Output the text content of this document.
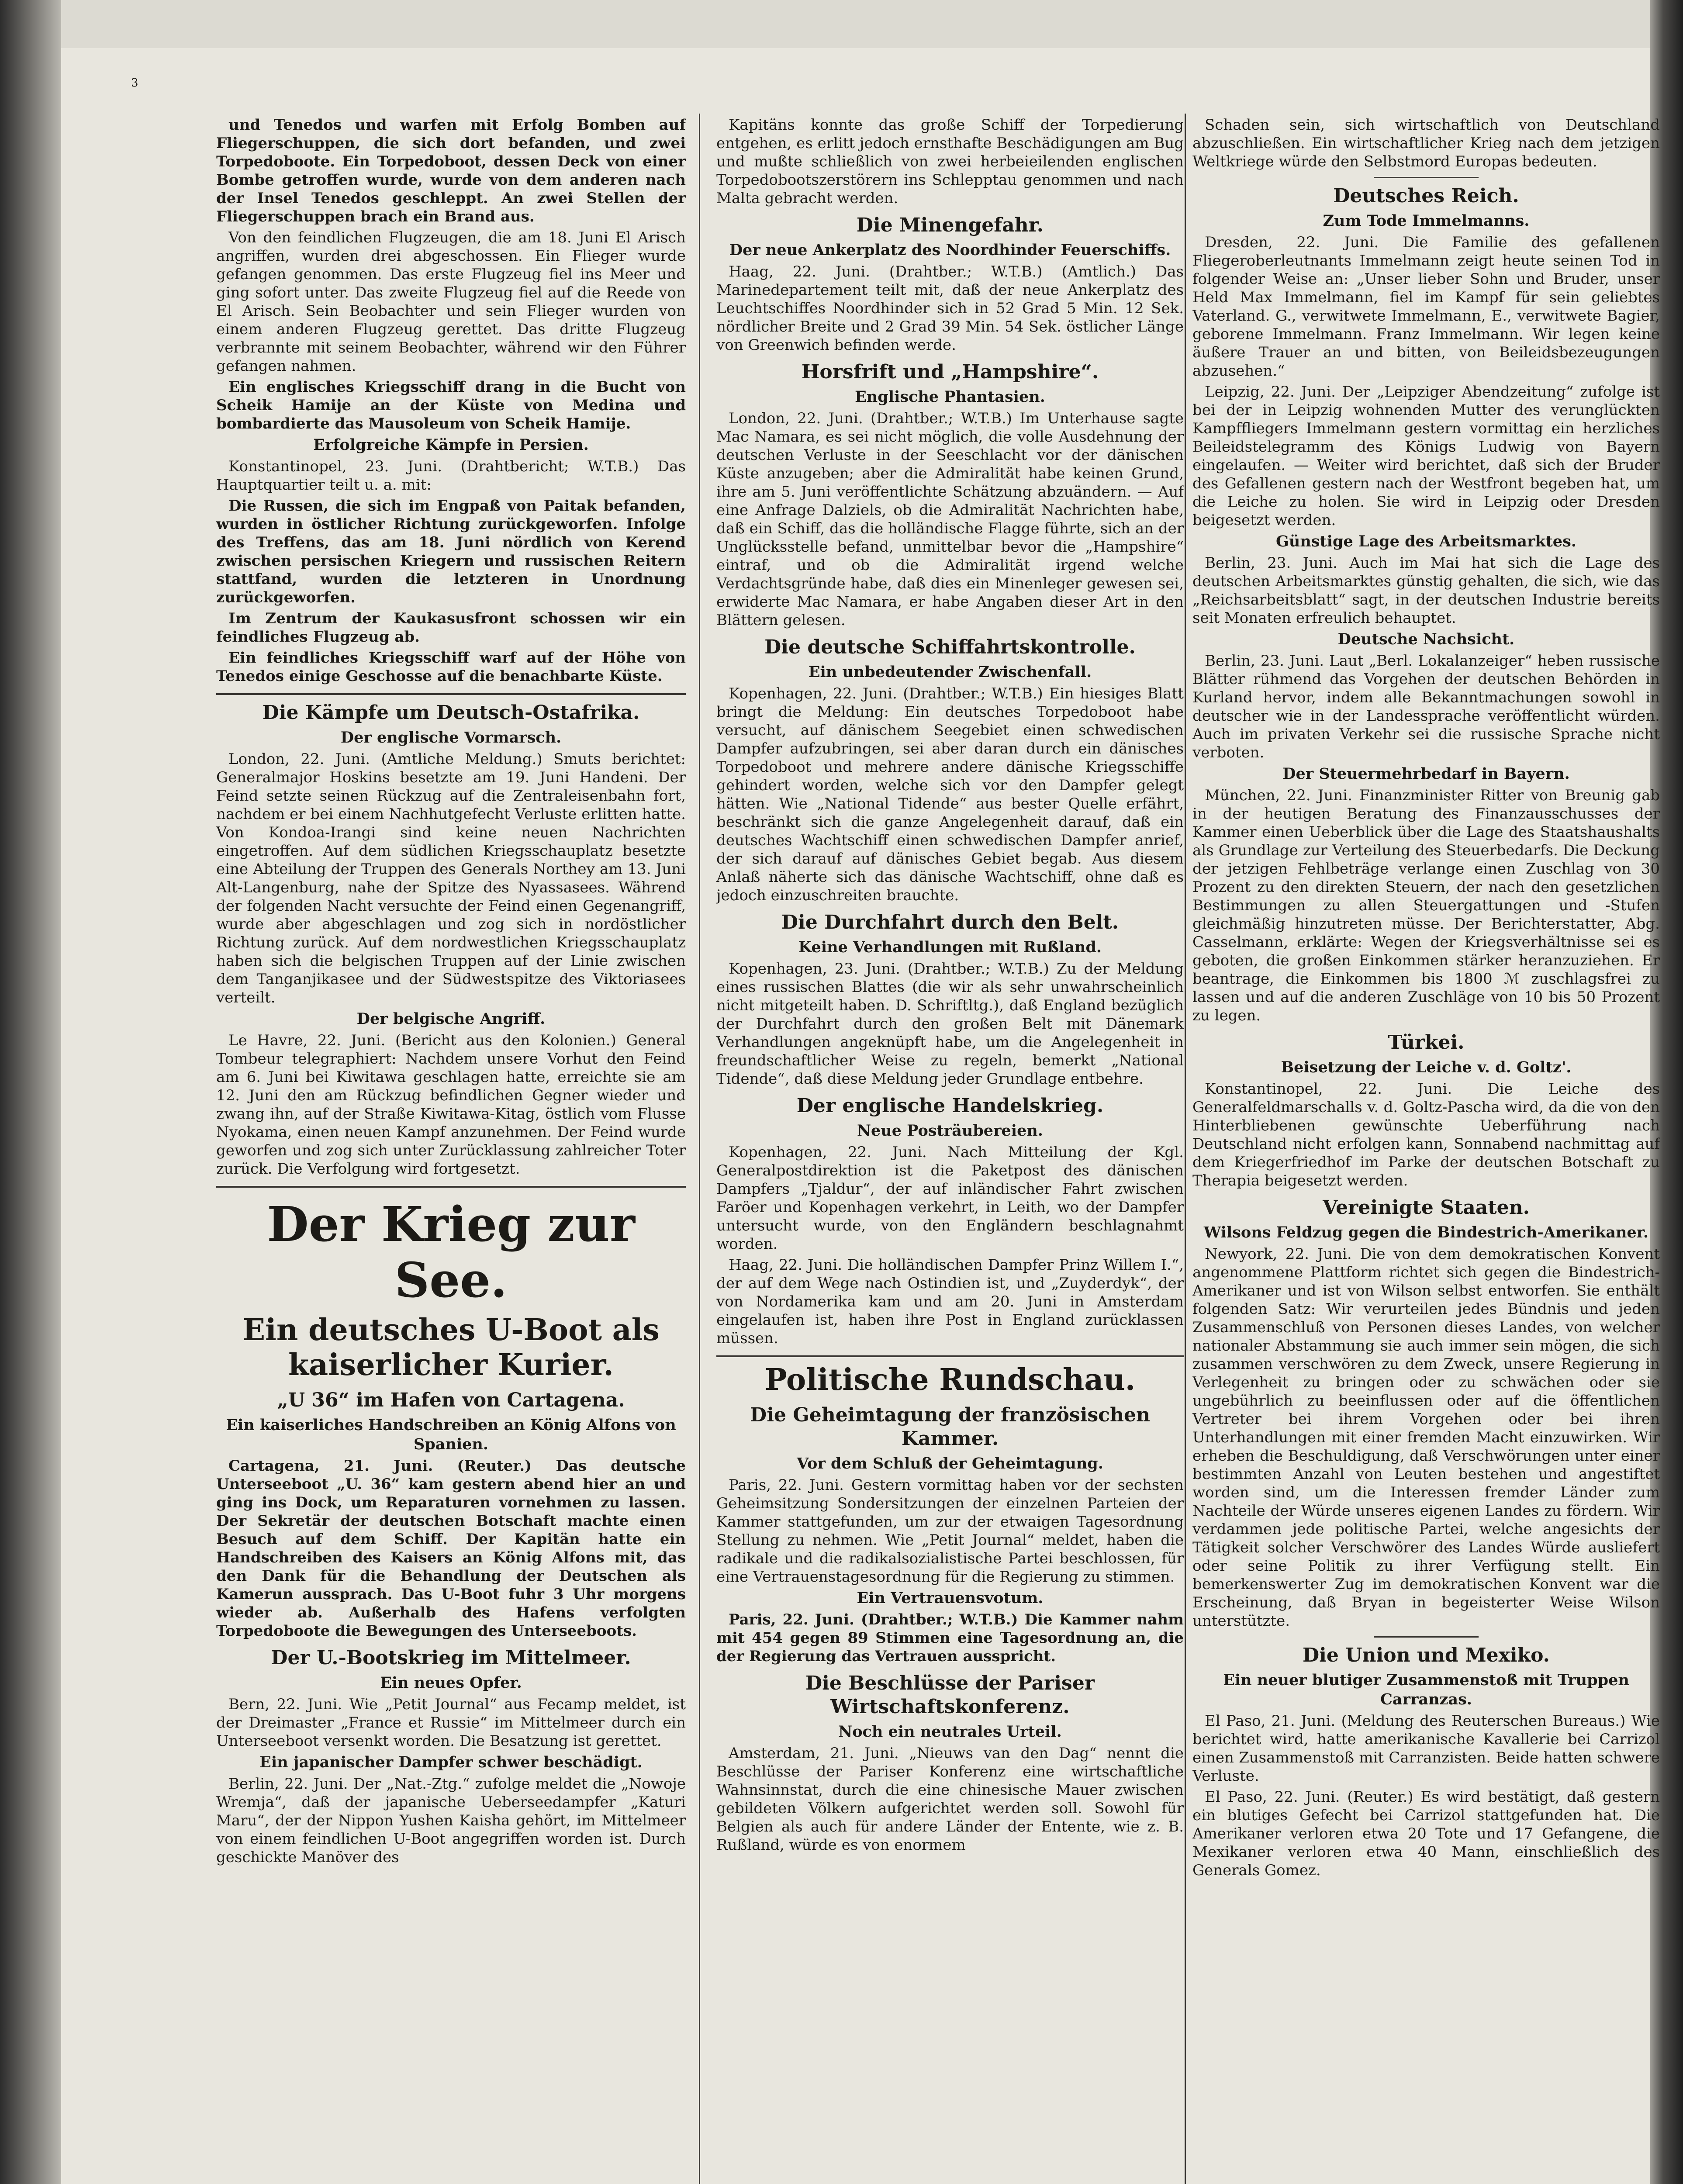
3

und Tenedos und warfen mit Erfolg Bomben auf Fliegerschuppen, die sich dort befanden, und zwei Torpedoboote. Ein Torpedoboot, dessen Deck von einer Bombe getroffen wurde, wurde von dem anderen nach der Insel Tenedos geschleppt. An zwei Stellen der Fliegerschuppen brach ein Brand aus.

Von den feindlichen Flugzeugen, die am 18. Juni El Arisch angriffen, wurden drei abgeschossen. Ein Flieger wurde gefangen genommen. Das erste Flugzeug fiel ins Meer und ging sofort unter. Das zweite Flugzeug fiel auf die Reede von El Arisch. Sein Beobachter und sein Flieger wurden von einem anderen Flugzeug gerettet. Das dritte Flugzeug verbrannte mit seinem Beobachter, während wir den Führer gefangen nahmen.

Ein englisches Kriegsschiff drang in die Bucht von Scheik Hamije an der Küste von Medina und bombardierte das Mausoleum von Scheik Hamije.

Erfolgreiche Kämpfe in Persien.

Konstantinopel, 23. Juni. (Drahtbericht; W.T.B.) Das Hauptquartier teilt u. a. mit:

Die Russen, die sich im Engpaß von Paitak befanden, wurden in östlicher Richtung zurückgeworfen. Infolge des Treffens, das am 18. Juni nördlich von Kerend zwischen persischen Kriegern und russischen Reitern stattfand, wurden die letzteren in Unordnung zurückgeworfen.

Im Zentrum der Kaukasusfront schossen wir ein feindliches Flugzeug ab.

Ein feindliches Kriegsschiff warf auf der Höhe von Tenedos einige Geschosse auf die benachbarte Küste.

Die Kämpfe um Deutsch-Ostafrika.
Der englische Vormarsch.

London, 22. Juni. (Amtliche Meldung.) Smuts berichtet: Generalmajor Hoskins besetzte am 19. Juni Handeni. Der Feind setzte seinen Rückzug auf die Zentraleisenbahn fort, nachdem er bei einem Nachhutgefecht Verluste erlitten hatte. Von Kondoa-Irangi sind keine neuen Nachrichten eingetroffen. Auf dem südlichen Kriegsschauplatz besetzte eine Abteilung der Truppen des Generals Northey am 13. Juni Alt-Langenburg, nahe der Spitze des Nyassasees. Während der folgenden Nacht versuchte der Feind einen Gegenangriff, wurde aber abgeschlagen und zog sich in nordöstlicher Richtung zurück. Auf dem nordwestlichen Kriegsschauplatz haben sich die belgischen Truppen auf der Linie zwischen dem Tanganjikasee und der Südwestspitze des Viktoriasees verteilt.

Der belgische Angriff.

Le Havre, 22. Juni. (Bericht aus den Kolonien.) General Tombeur telegraphiert: Nachdem unsere Vorhut den Feind am 6. Juni bei Kiwitawa geschlagen hatte, erreichte sie am 12. Juni den am Rückzug befindlichen Gegner wieder und zwang ihn, auf der Straße Kiwitawa-Kitag, östlich vom Flusse Nyokama, einen neuen Kampf anzunehmen. Der Feind wurde geworfen und zog sich unter Zurücklassung zahlreicher Toter zurück. Die Verfolgung wird fortgesetzt.

Der Krieg zur See.
Ein deutsches U-Boot als kaiserlicher Kurier.
„U 36“ im Hafen von Cartagena.
Ein kaiserliches Handschreiben an König Alfons von Spanien.

Cartagena, 21. Juni. (Reuter.) Das deutsche Unterseeboot „U. 36“ kam gestern abend hier an und ging ins Dock, um Reparaturen vornehmen zu lassen. Der Sekretär der deutschen Botschaft machte einen Besuch auf dem Schiff. Der Kapitän hatte ein Handschreiben des Kaisers an König Alfons mit, das den Dank für die Behandlung der Deutschen als Kamerun aussprach. Das U-Boot fuhr 3 Uhr morgens wieder ab. Außerhalb des Hafens verfolgten Torpedoboote die Bewegungen des Unterseeboots.

Der U.-Bootskrieg im Mittelmeer.
Ein neues Opfer.

Bern, 22. Juni. Wie „Petit Journal“ aus Fecamp meldet, ist der Dreimaster „France et Russie“ im Mittelmeer durch ein Unterseeboot versenkt worden. Die Besatzung ist gerettet.

Ein japanischer Dampfer schwer beschädigt.

Berlin, 22. Juni. Der „Nat.-Ztg.“ zufolge meldet die „Nowoje Wremja“, daß der japanische Ueberseedampfer „Katuri Maru“, der der Nippon Yushen Kaisha gehört, im Mittelmeer von einem feindlichen U-Boot angegriffen worden ist. Durch geschickte Manöver des

Kapitäns konnte das große Schiff der Torpedierung entgehen, es erlitt jedoch ernsthafte Beschädigungen am Bug und mußte schließlich von zwei herbeieilenden englischen Torpedobootszerstörern ins Schlepptau genommen und nach Malta gebracht werden.

Die Minengefahr.
Der neue Ankerplatz des Noordhinder Feuerschiffs.

Haag, 22. Juni. (Drahtber.; W.T.B.) (Amtlich.) Das Marinedepartement teilt mit, daß der neue Ankerplatz des Leuchtschiffes Noordhinder sich in 52 Grad 5 Min. 12 Sek. nördlicher Breite und 2 Grad 39 Min. 54 Sek. östlicher Länge von Greenwich befinden werde.

Horsfrift und „Hampshire“.
Englische Phantasien.

London, 22. Juni. (Drahtber.; W.T.B.) Im Unterhause sagte Mac Namara, es sei nicht möglich, die volle Ausdehnung der deutschen Verluste in der Seeschlacht vor der dänischen Küste anzugeben; aber die Admiralität habe keinen Grund, ihre am 5. Juni veröffentlichte Schätzung abzuändern. — Auf eine Anfrage Dalziels, ob die Admiralität Nachrichten habe, daß ein Schiff, das die holländische Flagge führte, sich an der Unglücksstelle befand, unmittelbar bevor die „Hampshire“ eintraf, und ob die Admiralität irgend welche Verdachtsgründe habe, daß dies ein Minenleger gewesen sei, erwiderte Mac Namara, er habe Angaben dieser Art in den Blättern gelesen.

Die deutsche Schiffahrtskontrolle.
Ein unbedeutender Zwischenfall.

Kopenhagen, 22. Juni. (Drahtber.; W.T.B.) Ein hiesiges Blatt bringt die Meldung: Ein deutsches Torpedoboot habe versucht, auf dänischem Seegebiet einen schwedischen Dampfer aufzubringen, sei aber daran durch ein dänisches Torpedoboot und mehrere andere dänische Kriegsschiffe gehindert worden, welche sich vor den Dampfer gelegt hätten. Wie „National Tidende“ aus bester Quelle erfährt, beschränkt sich die ganze Angelegenheit darauf, daß ein deutsches Wachtschiff einen schwedischen Dampfer anrief, der sich darauf auf dänisches Gebiet begab. Aus diesem Anlaß näherte sich das dänische Wachtschiff, ohne daß es jedoch einzuschreiten brauchte.

Die Durchfahrt durch den Belt.
Keine Verhandlungen mit Rußland.

Kopenhagen, 23. Juni. (Drahtber.; W.T.B.) Zu der Meldung eines russischen Blattes (die wir als sehr unwahrscheinlich nicht mitgeteilt haben. D. Schriftltg.), daß England bezüglich der Durchfahrt durch den großen Belt mit Dänemark Verhandlungen angeknüpft habe, um die Angelegenheit in freundschaftlicher Weise zu regeln, bemerkt „National Tidende“, daß diese Meldung jeder Grundlage entbehre.

Der englische Handelskrieg.
Neue Posträubereien.

Kopenhagen, 22. Juni. Nach Mitteilung der Kgl. Generalpostdirektion ist die Paketpost des dänischen Dampfers „Tjaldur“, der auf inländischer Fahrt zwischen Faröer und Kopenhagen verkehrt, in Leith, wo der Dampfer untersucht wurde, von den Engländern beschlagnahmt worden.

Haag, 22. Juni. Die holländischen Dampfer Prinz Willem I.“, der auf dem Wege nach Ostindien ist, und „Zuyderdyk“, der von Nordamerika kam und am 20. Juni in Amsterdam eingelaufen ist, haben ihre Post in England zurücklassen müssen.

Politische Rundschau.
Die Geheimtagung der französischen Kammer.
Vor dem Schluß der Geheimtagung.

Paris, 22. Juni. Gestern vormittag haben vor der sechsten Geheimsitzung Sondersitzungen der einzelnen Parteien der Kammer stattgefunden, um zur der etwaigen Tagesordnung Stellung zu nehmen. Wie „Petit Journal“ meldet, haben die radikale und die radikalsozialistische Partei beschlossen, für eine Vertrauenstagesordnung für die Regierung zu stimmen.

Ein Vertrauensvotum.

Paris, 22. Juni. (Drahtber.; W.T.B.) Die Kammer nahm mit 454 gegen 89 Stimmen eine Tagesordnung an, die der Regierung das Vertrauen ausspricht.

Die Beschlüsse der Pariser Wirtschaftskonferenz.
Noch ein neutrales Urteil.

Amsterdam, 21. Juni. „Nieuws van den Dag“ nennt die Beschlüsse der Pariser Konferenz eine wirtschaftliche Wahnsinnstat, durch die eine chinesische Mauer zwischen gebildeten Völkern aufgerichtet werden soll. Sowohl für Belgien als auch für andere Länder der Entente, wie z. B. Rußland, würde es von enormem

Schaden sein, sich wirtschaftlich von Deutschland abzuschließen. Ein wirtschaftlicher Krieg nach dem jetzigen Weltkriege würde den Selbstmord Europas bedeuten.

Deutsches Reich.
Zum Tode Immelmanns.

Dresden, 22. Juni. Die Familie des gefallenen Fliegeroberleutnants Immelmann zeigt heute seinen Tod in folgender Weise an: „Unser lieber Sohn und Bruder, unser Held Max Immelmann, fiel im Kampf für sein geliebtes Vaterland. G., verwitwete Immelmann, E., verwitwete Bagier, geborene Immelmann. Franz Immelmann. Wir legen keine äußere Trauer an und bitten, von Beileidsbezeugungen abzusehen.“

Leipzig, 22. Juni. Der „Leipziger Abendzeitung“ zufolge ist bei der in Leipzig wohnenden Mutter des verunglückten Kampffliegers Immelmann gestern vormittag ein herzliches Beileidstelegramm des Königs Ludwig von Bayern eingelaufen. — Weiter wird berichtet, daß sich der Bruder des Gefallenen gestern nach der Westfront begeben hat, um die Leiche zu holen. Sie wird in Leipzig oder Dresden beigesetzt werden.

Günstige Lage des Arbeitsmarktes.

Berlin, 23. Juni. Auch im Mai hat sich die Lage des deutschen Arbeitsmarktes günstig gehalten, die sich, wie das „Reichsarbeitsblatt“ sagt, in der deutschen Industrie bereits seit Monaten erfreulich behauptet.

Deutsche Nachsicht.

Berlin, 23. Juni. Laut „Berl. Lokalanzeiger“ heben russische Blätter rühmend das Vorgehen der deutschen Behörden in Kurland hervor, indem alle Bekanntmachungen sowohl in deutscher wie in der Landessprache veröffentlicht würden. Auch im privaten Verkehr sei die russische Sprache nicht verboten.

Der Steuermehrbedarf in Bayern.

München, 22. Juni. Finanzminister Ritter von Breunig gab in der heutigen Beratung des Finanzausschusses der Kammer einen Ueberblick über die Lage des Staatshaushalts als Grundlage zur Verteilung des Steuerbedarfs. Die Deckung der jetzigen Fehlbeträge verlange einen Zuschlag von 30 Prozent zu den direkten Steuern, der nach den gesetzlichen Bestimmungen zu allen Steuergattungen und -Stufen gleichmäßig hinzutreten müsse. Der Berichterstatter, Abg. Casselmann, erklärte: Wegen der Kriegsverhältnisse sei es geboten, die großen Einkommen stärker heranzuziehen. Er beantrage, die Einkommen bis 1800 ℳ zuschlagsfrei zu lassen und auf die anderen Zuschläge von 10 bis 50 Prozent zu legen.

Türkei.
Beisetzung der Leiche v. d. Goltz'.

Konstantinopel, 22. Juni. Die Leiche des Generalfeldmarschalls v. d. Goltz-Pascha wird, da die von den Hinterbliebenen gewünschte Ueberführung nach Deutschland nicht erfolgen kann, Sonnabend nachmittag auf dem Kriegerfriedhof im Parke der deutschen Botschaft zu Therapia beigesetzt werden.

Vereinigte Staaten.
Wilsons Feldzug gegen die Bindestrich-Amerikaner.

Newyork, 22. Juni. Die von dem demokratischen Konvent angenommene Plattform richtet sich gegen die Bindestrich-Amerikaner und ist von Wilson selbst entworfen. Sie enthält folgenden Satz: Wir verurteilen jedes Bündnis und jeden Zusammenschluß von Personen dieses Landes, von welcher nationaler Abstammung sie auch immer sein mögen, die sich zusammen verschwören zu dem Zweck, unsere Regierung in Verlegenheit zu bringen oder zu schwächen oder sie ungebührlich zu beeinflussen oder auf die öffentlichen Vertreter bei ihrem Vorgehen oder bei ihren Unterhandlungen mit einer fremden Macht einzuwirken. Wir erheben die Beschuldigung, daß Verschwörungen unter einer bestimmten Anzahl von Leuten bestehen und angestiftet worden sind, um die Interessen fremder Länder zum Nachteile der Würde unseres eigenen Landes zu fördern. Wir verdammen jede politische Partei, welche angesichts der Tätigkeit solcher Verschwörer des Landes Würde ausliefert oder seine Politik zu ihrer Verfügung stellt. Ein bemerkenswerter Zug im demokratischen Konvent war die Erscheinung, daß Bryan in begeisterter Weise Wilson unterstützte.

Die Union und Mexiko.
Ein neuer blutiger Zusammenstoß mit Truppen Carranzas.

El Paso, 21. Juni. (Meldung des Reuterschen Bureaus.) Wie berichtet wird, hatte amerikanische Kavallerie bei Carrizol einen Zusammenstoß mit Carranzisten. Beide hatten schwere Verluste.

El Paso, 22. Juni. (Reuter.) Es wird bestätigt, daß gestern ein blutiges Gefecht bei Carrizol stattgefunden hat. Die Amerikaner verloren etwa 20 Tote und 17 Gefangene, die Mexikaner verloren etwa 40 Mann, einschließlich des Generals Gomez.
